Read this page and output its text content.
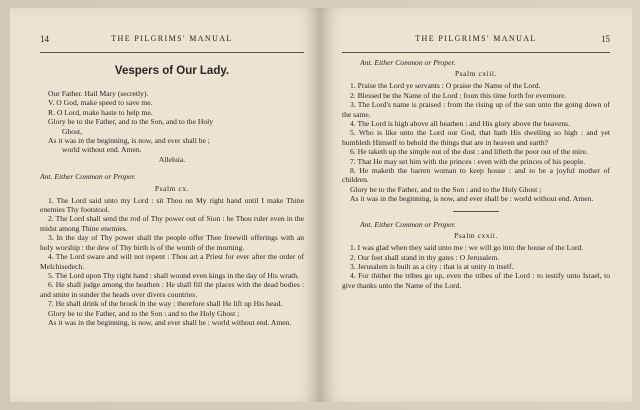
14	THE PILGRIMS' MANUAL
Vespers of Our Lady.

Our Father. Hail Mary (secretly).

V. O God, make speed to save me.

R. O Lord, make haste to help me.

Glory be to the Father, and to the Son, and to the Holy

Ghost,

As it was in the beginning, is now, and ever shall be ;

world without end. Amen.

Alleluia.

Ant. Either Common or Proper.

Psalm cx.

1. The Lord said unto my Lord : sit Thou on My right hand until I make Thine enemies Thy footstool.

2. The Lord shall send the rod of Thy power out of Sion : be Thou ruler even in the midst among Thine enemies.

3. In the day of Thy power shall the people offer Thee freewill offerings with an holy worship : the dew of Thy birth is of the womb of the morning.

4. The Lord sware and will not repent : Thou art a Priest for ever after the order of Melchisedech.

5. The Lord upon Thy right hand : shall wound even kings in the day of His wrath.

6. He shall judge among the heathen : He shall fill the places with the dead bodies : and smite in sunder the heads over divers countries.

7. He shall drink of the brook in the way : therefore shall He lift up His head.

Glory be to the Father, and to the Son : and to the Holy Ghost ;

As it was in the beginning, is now, and ever shall be : world without end. Amen.

THE PILGRIMS' MANUAL	15

Ant. Either Common or Proper.

Psalm cxiii.

1. Praise the Lord ye servants : O praise the Name of the Lord.

2. Blessed be the Name of the Lord : from this time forth for evermore.

3. The Lord's name is praised : from the rising up of the sun unto the going down of the same.

4. The Lord is high above all heathen : and His glory above the heavens.

5. Who is like unto the Lord our God, that hath His dwelling so high : and yet humbleth Himself to behold the things that are in heaven and earth?

6. He taketh up the simple out of the dust : and lifteth the poor out of the mire.

7. That He may set him with the princes : even with the princes of his people.

8. He maketh the barren woman to keep house : and to be a joyful mother of children.

Glory be to the Father, and to the Son : and to the Holy Ghost ;

As it was in the beginning, is now, and ever shall be : world without end. Amen.

Ant. Either Common or Proper.

Psalm cxxii.

1. I was glad when they said unto me : we will go into the house of the Lord.

2. Our feet shall stand in thy gates : O Jerusalem.

3. Jerusalem is built as a city : that is at unity in itself.

4. For thither the tribes go up, even the tribes of the Lord : to testify unto Israel, to give thanks unto the Name of the Lord.
